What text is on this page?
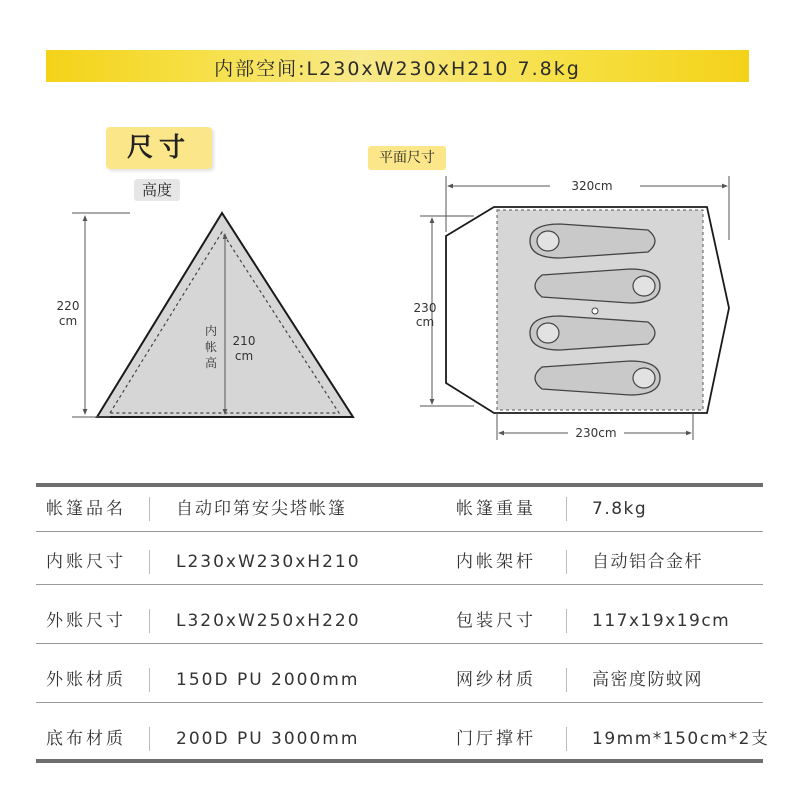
内部空间:L230xW230xH210 7.8kg
尺寸
高度
平面尺寸
220
cm
内
帐
高
210
cm
320cm
230
cm
230cm
帐篷品名	自动印第安尖塔帐篷	帐篷重量	7.8kg
内账尺寸	L230xW230xH210	内帐架杆	自动铝合金杆
外账尺寸	L320xW250xH220	包装尺寸	117x19x19cm
外账材质	150D PU 2000mm	网纱材质	高密度防蚊网
底布材质	200D PU 3000mm	门厅撑杆	19mm*150cm*2支
